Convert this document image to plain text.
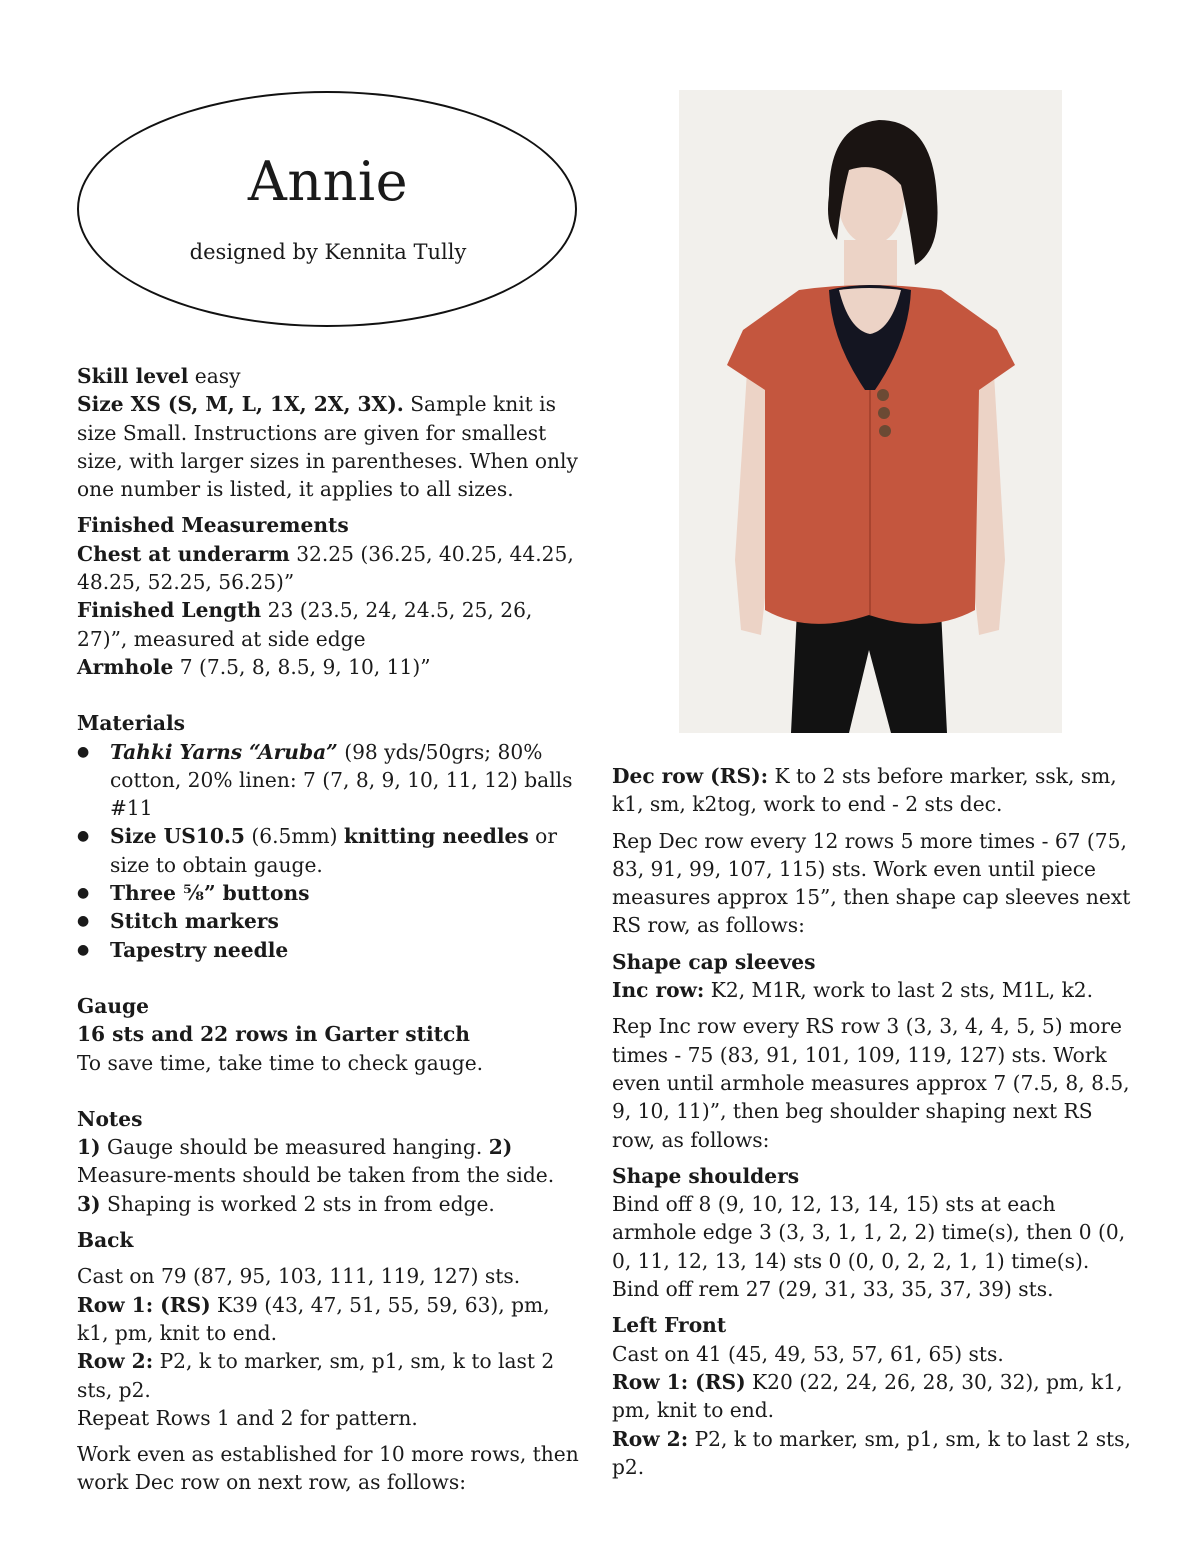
Annie
designed by Kennita Tully

Skill level easy

Size XS (S, M, L, 1X, 2X, 3X). Sample knit is size Small. Instructions are given for smallest size, with larger sizes in parentheses. When only one number is listed, it applies to all sizes.

Finished Measurements

Chest at underarm 32.25 (36.25, 40.25, 44.25, 48.25, 52.25, 56.25)”

Finished Length 23 (23.5, 24, 24.5, 25, 26, 27)”, measured at side edge

Armhole 7 (7.5, 8, 8.5, 9, 10, 11)”

Materials

● Tahki Yarns “Aruba” (98 yds/50grs; 80% cotton, 20% linen: 7 (7, 8, 9, 10, 11, 12) balls #11
● Size US10.5 (6.5mm) knitting needles or size to obtain gauge.
● Three ⅝” buttons
● Stitch markers
● Tapestry needle

Gauge

16 sts and 22 rows in Garter stitch

To save time, take time to check gauge.

Notes

1) Gauge should be measured hanging. 2) Measure-ments should be taken from the side. 3) Shaping is worked 2 sts in from edge.

Back

Cast on 79 (87, 95, 103, 111, 119, 127) sts.

Row 1: (RS) K39 (43, 47, 51, 55, 59, 63), pm, k1, pm, knit to end.

Row 2: P2, k to marker, sm, p1, sm, k to last 2 sts, p2.

Repeat Rows 1 and 2 for pattern.

Work even as established for 10 more rows, then work Dec row on next row, as follows:

Dec row (RS): K to 2 sts before marker, ssk, sm, k1, sm, k2tog, work to end - 2 sts dec.

Rep Dec row every 12 rows 5 more times - 67 (75, 83, 91, 99, 107, 115) sts. Work even until piece measures approx 15”, then shape cap sleeves next RS row, as follows:

Shape cap sleeves

Inc row: K2, M1R, work to last 2 sts, M1L, k2.

Rep Inc row every RS row 3 (3, 3, 4, 4, 5, 5) more times - 75 (83, 91, 101, 109, 119, 127) sts. Work even until armhole measures approx 7 (7.5, 8, 8.5, 9, 10, 11)”, then beg shoulder shaping next RS row, as follows:

Shape shoulders

Bind off 8 (9, 10, 12, 13, 14, 15) sts at each armhole edge 3 (3, 3, 1, 1, 2, 2) time(s), then 0 (0, 0, 11, 12, 13, 14) sts 0 (0, 0, 2, 2, 1, 1) time(s). Bind off rem 27 (29, 31, 33, 35, 37, 39) sts.

Left Front

Cast on 41 (45, 49, 53, 57, 61, 65) sts.

Row 1: (RS) K20 (22, 24, 26, 28, 30, 32), pm, k1, pm, knit to end.

Row 2: P2, k to marker, sm, p1, sm, k to last 2 sts, p2.
